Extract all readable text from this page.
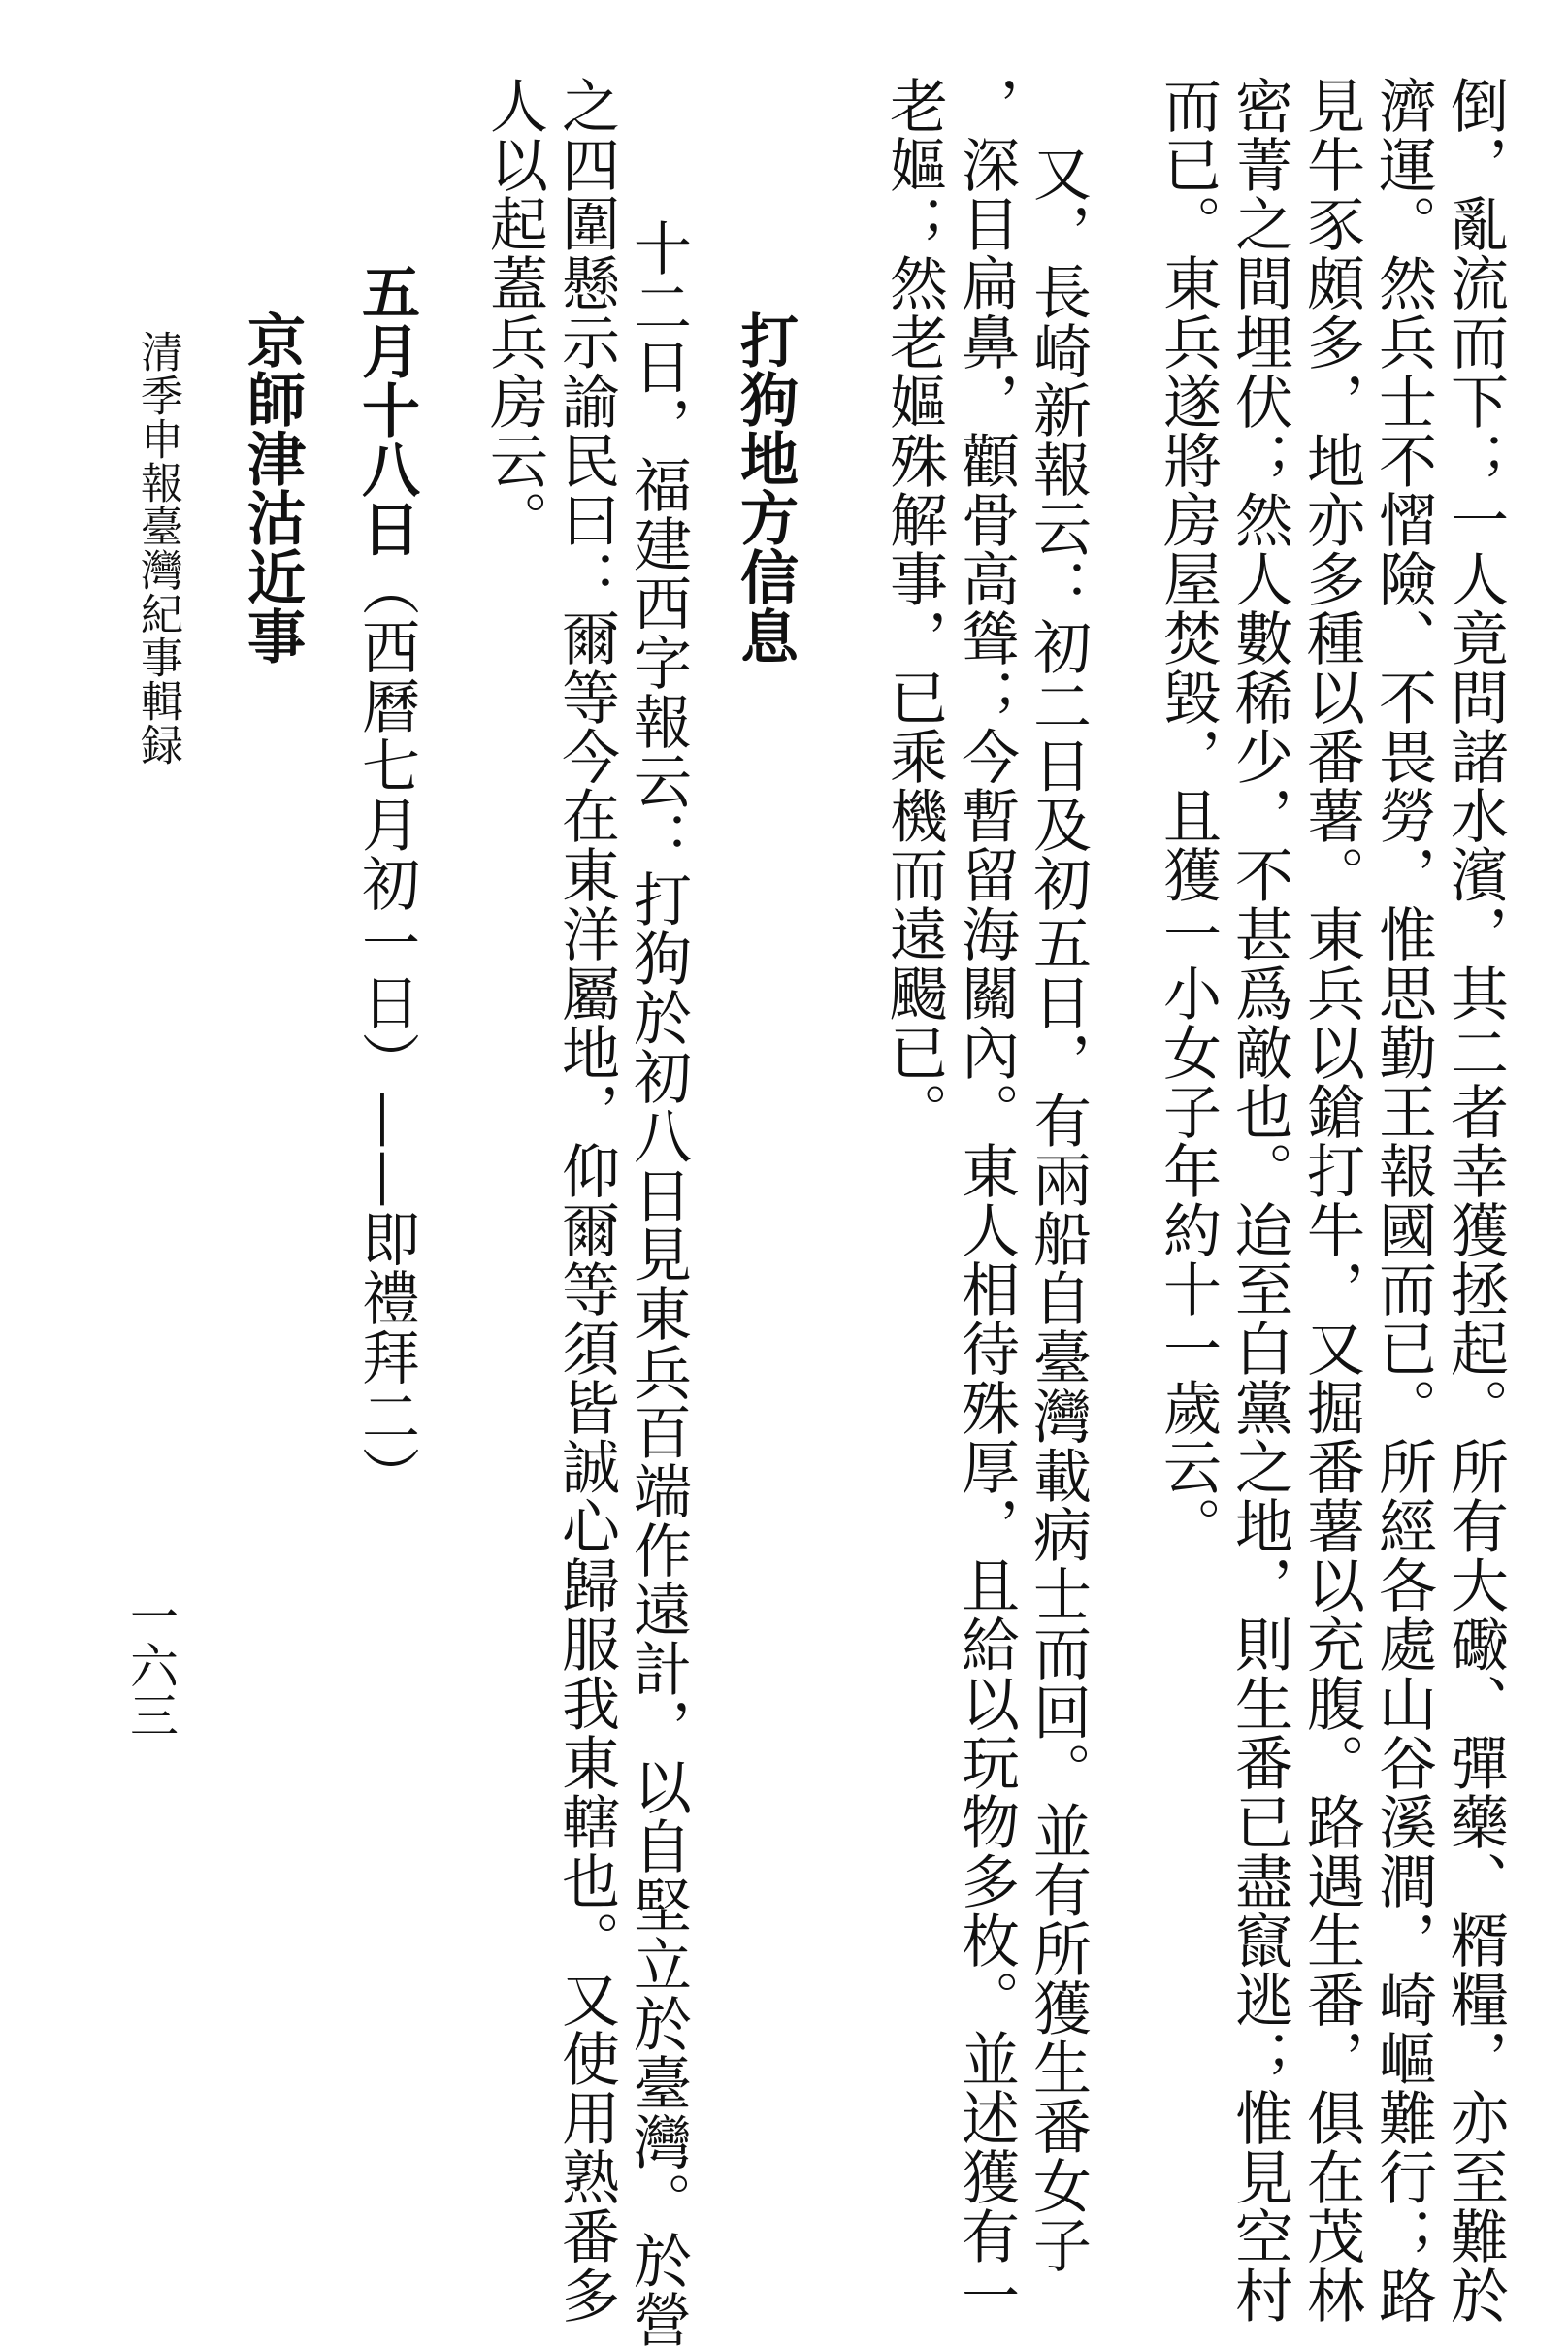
倒，亂流而下；一人竟問諸水濱，其二者幸獲拯起。所有大礮、彈藥、糈糧，亦至難於
濟運。然兵士不慴險、不畏勞，惟思勤王報國而已。所經各處山谷溪澗，崎嶇難行；路
見牛豕頗多，地亦多種以番薯。東兵以鎗打牛，又掘番薯以充腹。路遇生番，俱在茂林
密菁之間埋伏；然人數稀少，不甚爲敵也。迨至白黨之地，則生番已盡竄逃；惟見空村
而已。東兵遂將房屋焚毀，且獲一小女子年約十一歲云。
又，長崎新報云：初二日及初五日，有兩船自臺灣載病士而回。並有所獲生番女子
，深目扁鼻，顴骨高聳；今暫留海關內。東人相待殊厚，且給以玩物多枚。並述獲有一
老嫗；然老嫗殊解事，已乘機而遠颺已。
打狗地方信息
十二日，福建西字報云：打狗於初八日見東兵百端作遠計，以自堅立於臺灣。於營
之四圍懸示諭民曰：爾等今在東洋屬地，仰爾等須皆誠心歸服我東轄也。又使用熟番多
人以起蓋兵房云。
五月十八日（西曆七月初一日）——即禮拜二）
京師津沽近事
清季申報臺灣紀事輯録
一六三
